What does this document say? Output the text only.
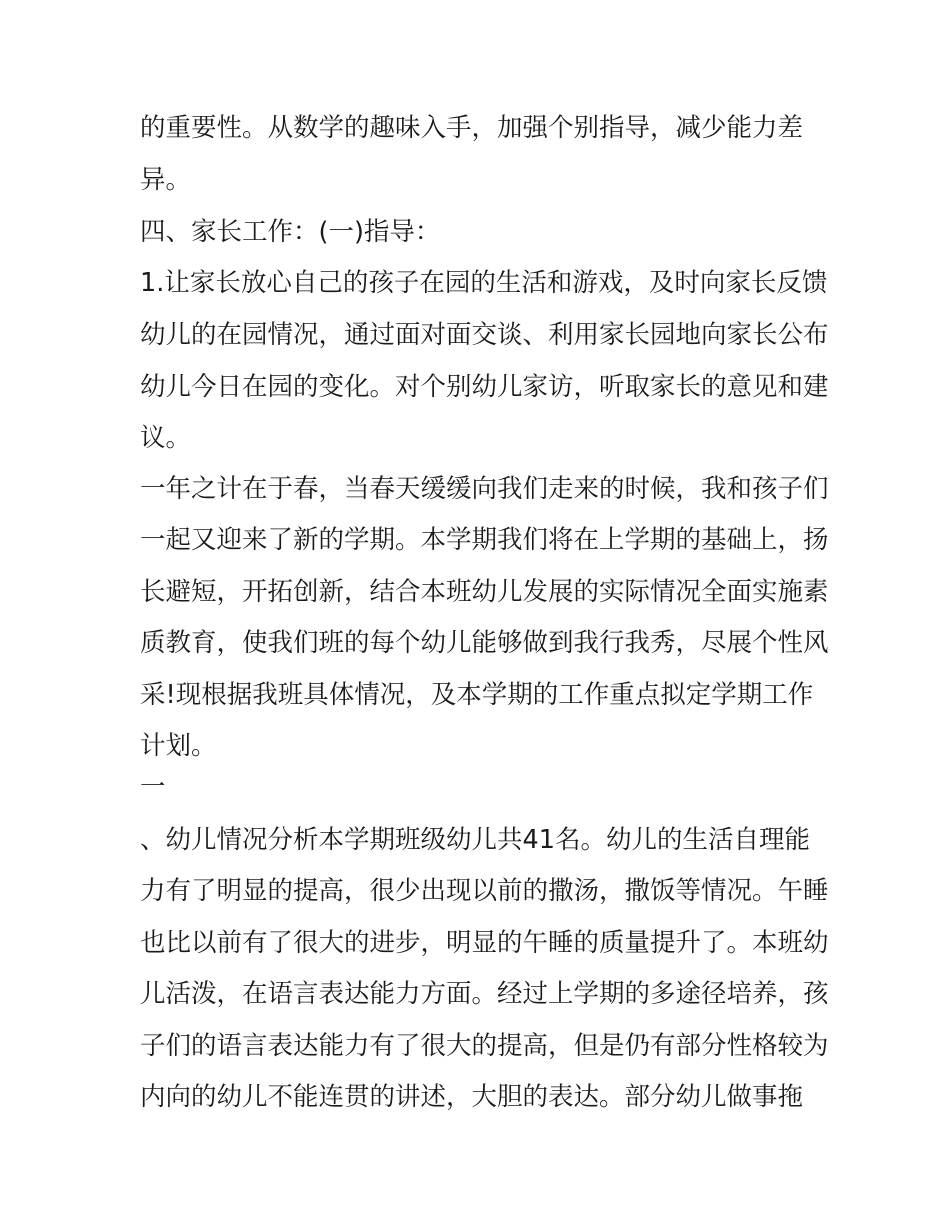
的重要性。从数学的趣味入手，加强个别指导，减少能力差
异。
四、家长工作：(一)指导：
1.让家长放心自己的孩子在园的生活和游戏，及时向家长反馈
幼儿的在园情况，通过面对面交谈、利用家长园地向家长公布
幼儿今日在园的变化。对个别幼儿家访，听取家长的意见和建
议。
一年之计在于春，当春天缓缓向我们走来的时候，我和孩子们
一起又迎来了新的学期。本学期我们将在上学期的基础上，扬
长避短，开拓创新，结合本班幼儿发展的实际情况全面实施素
质教育，使我们班的每个幼儿能够做到我行我秀，尽展个性风
采!现根据我班具体情况，及本学期的工作重点拟定学期工作
计划。
一
、幼儿情况分析本学期班级幼儿共41名。幼儿的生活自理能
力有了明显的提高，很少出现以前的撒汤，撒饭等情况。午睡
也比以前有了很大的进步，明显的午睡的质量提升了。本班幼
儿活泼，在语言表达能力方面。经过上学期的多途径培养，孩
子们的语言表达能力有了很大的提高，但是仍有部分性格较为
内向的幼儿不能连贯的讲述，大胆的表达。部分幼儿做事拖
